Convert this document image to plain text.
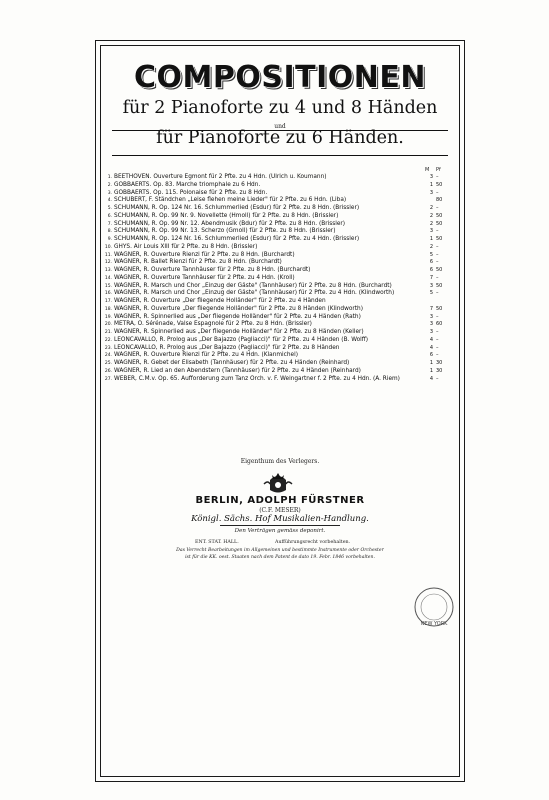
COMPOSITIONEN
für 2 Pianoforte zu 4 und 8 Händen
und
für Pianoforte zu 6 Händen.
M Pf
1. BEETHOVEN. Ouverture Egmont für 2 Pfte. zu 4 Hdn. (Ulrich u. Koumann)	3 –
2. GOBBAERTS. Op. 83. Marche triomphale zu 6 Hdn.	1 50
3. GOBBAERTS. Op. 115. Polonaise für 2 Pfte. zu 8 Hdn.	3 –
4. SCHUBERT, F. Ständchen „Leise flehen meine Lieder" für 2 Pfte. zu 6 Hdn. (Liba)	80
5. SCHUMANN, R. Op. 124 Nr. 16. Schlummerlied (Esdur) für 2 Pfte. zu 8 Hdn. (Brissler)	2 –
6. SCHUMANN, R. Op. 99 Nr. 9. Novellette (Hmoll) für 2 Pfte. zu 8 Hdn. (Brissler)	2 50
7. SCHUMANN, R. Op. 99 Nr. 12. Abendmusik (Bdur) für 2 Pfte. zu 8 Hdn. (Brissler)	2 50
8. SCHUMANN, R. Op. 99 Nr. 13. Scherzo (Gmoll) für 2 Pfte. zu 8 Hdn. (Brissler)	3 –
9. SCHUMANN, R. Op. 124 Nr. 16. Schlummerlied (Esdur) für 2 Pfte. zu 4 Hdn. (Brissler)	1 50
10. GHYS. Air Louis XIII für 2 Pfte. zu 8 Hdn. (Brissler)	2 –
11. WAGNER, R. Ouverture Rienzi für 2 Pfte. zu 8 Hdn. (Burchardt)	5 –
12. WAGNER, R. Ballet Rienzi für 2 Pfte. zu 8 Hdn. (Burchardt)	6 –
13. WAGNER, R. Ouverture Tannhäuser für 2 Pfte. zu 8 Hdn. (Burchardt)	6 50
14. WAGNER, R. Ouverture Tannhäuser für 2 Pfte. zu 4 Hdn. (Kroll)	7 –
15. WAGNER, R. Marsch und Chor „Einzug der Gäste" (Tannhäuser) für 2 Pfte. zu 8 Hdn. (Burchardt)	3 50
16. WAGNER, R. Marsch und Chor „Einzug der Gäste" (Tannhäuser) für 2 Pfte. zu 4 Hdn. (Klindworth)	5 –
17. WAGNER, R. Ouverture „Der fliegende Holländer" für 2 Pfte. zu 4 Händen
18. WAGNER, R. Ouverture „Der fliegende Holländer" für 2 Pfte. zu 8 Händen (Klindworth)	7 50
19. WAGNER, R. Spinnerlied aus „Der fliegende Holländer" für 2 Pfte. zu 4 Händen (Rath)	3 –
20. METRA, O. Sérénade, Valse Espagnole für 2 Pfte. zu 8 Hdn. (Brissler)	3 60
21. WAGNER, R. Spinnerlied aus „Der fliegende Holländer" für 2 Pfte. zu 8 Händen (Keller)	3 –
22. LEONCAVALLO, R. Prolog aus „Der Bajazzo (Pagliacci)" für 2 Pfte. zu 4 Händen (B. Wolff)	4 –
23. LEONCAVALLO, R. Prolog aus „Der Bajazzo (Pagliacci)" für 2 Pfte. zu 8 Händen	4 –
24. WAGNER, R. Ouverture Rienzi für 2 Pfte. zu 4 Hdn. (Klanmichel)	6 –
25. WAGNER, R. Gebet der Elisabeth (Tannhäuser) für 2 Pfte. zu 4 Händen (Reinhard)	1 30
26. WAGNER, R. Lied an den Abendstern (Tannhäuser) für 2 Pfte. zu 4 Händen (Reinhard)	1 30
27. WEBER, C.M.v. Op. 65. Aufforderung zum Tanz Orch. v. F. Weingartner f. 2 Pfte. zu 4 Hdn. (A. Riem)	4 –
Eigenthum des Verlegers.
BERLIN, ADOLPH FÜRSTNER
(C.F. MESER)
Königl. Sächs. Hof Musikalien-Handlung.
Den Verträgen gemäss deponirt.
ENT. STAT. HALL.	Aufführungsrecht vorbehalten.
Das Verrecht Bearbeitungen im Allgemeinen und bestimmte Instrumente oder Orchester
ist für die KK. oest. Staaten nach dem Patent de dato 19. Febr. 1846 vorbehalten.
NEW YORK
